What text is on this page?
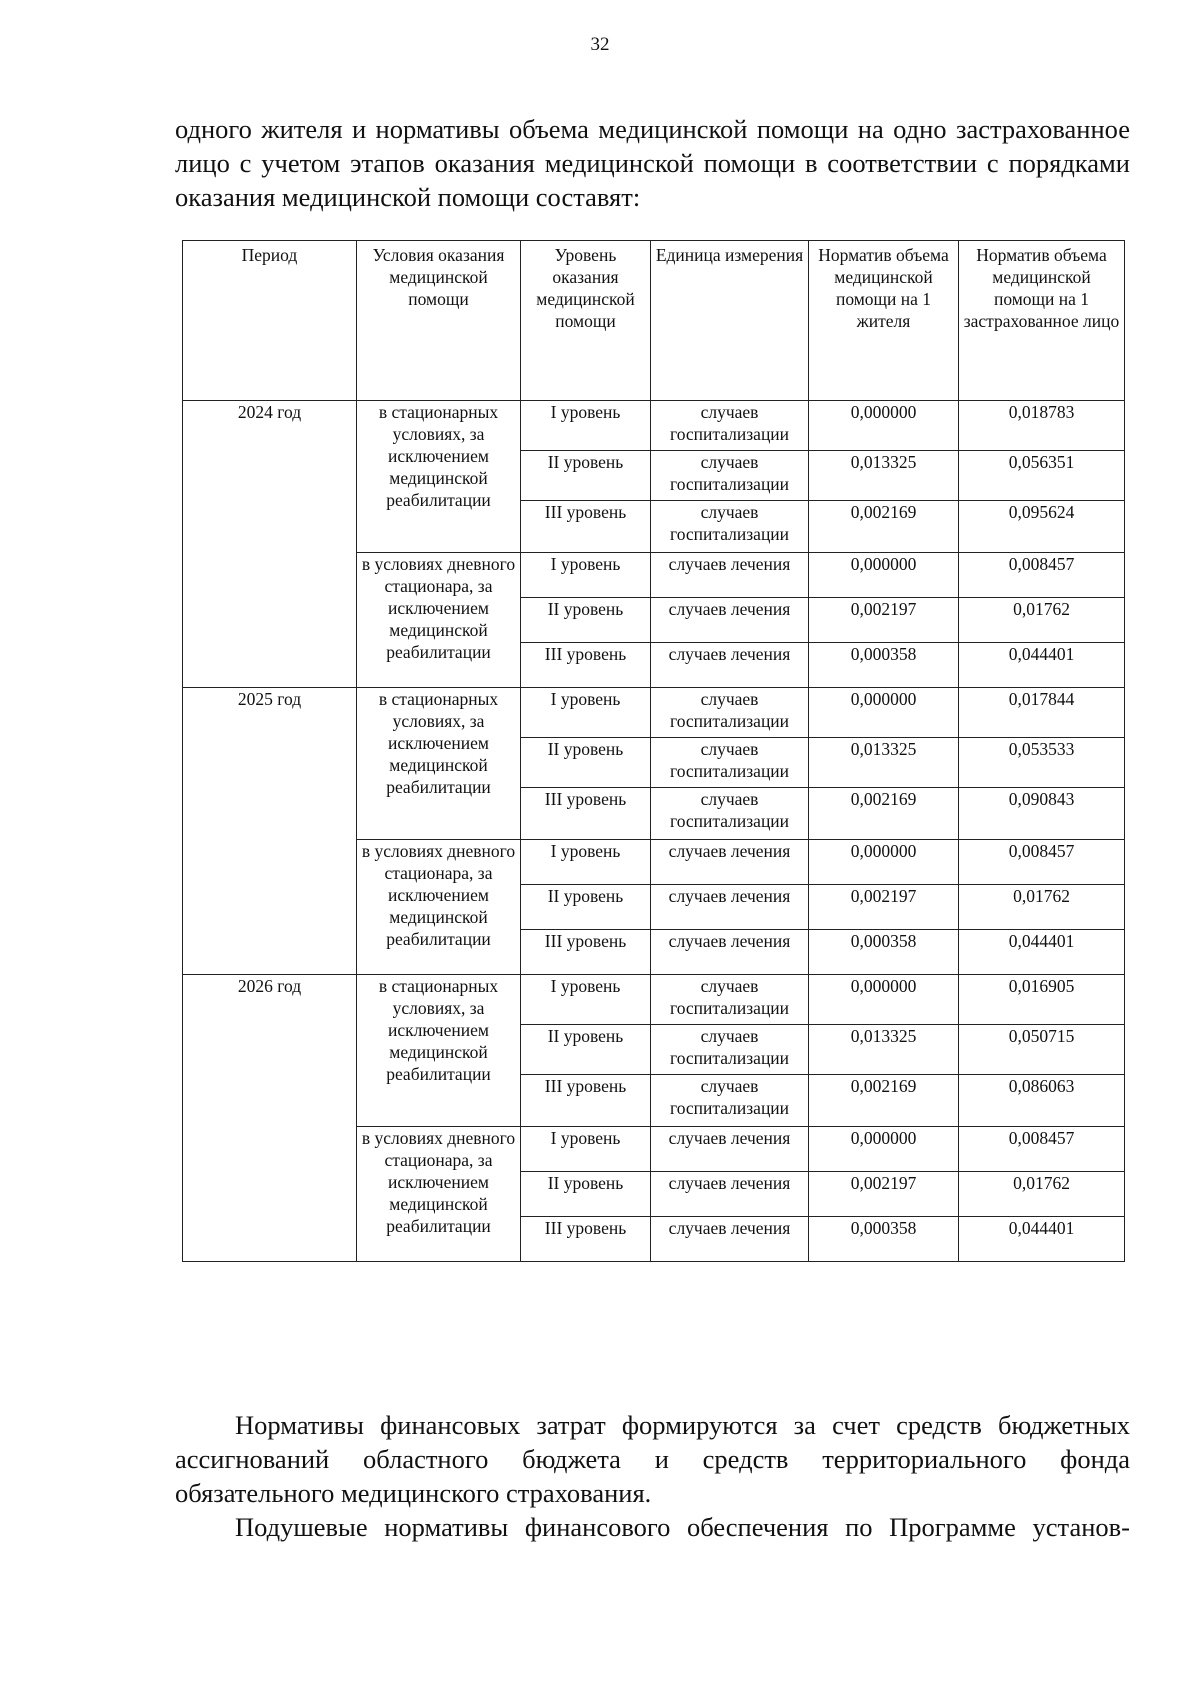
32
одного жителя и нормативы объема медицинской помощи на одно застрахованное лицо с учетом этапов оказания медицинской помощи в соответствии с порядками оказания медицинской помощи составят:
Период	Условия оказания медицинской помощи	Уровень оказания медицинской помощи	Единица измерения	Норматив объема медицинской помощи на 1 жителя	Норматив объема медицинской помощи на 1 застрахованное лицо
2024 год	в стационарных условиях, за исключением медицинской реабилитации	I уровень	случаев госпитализации	0,000000	0,018783
		II уровень	случаев госпитализации	0,013325	0,056351
		III уровень	случаев госпитализации	0,002169	0,095624
	в условиях дневного стационара, за исключением медицинской реабилитации	I уровень	случаев лечения	0,000000	0,008457
		II уровень	случаев лечения	0,002197	0,01762
		III уровень	случаев лечения	0,000358	0,044401
2025 год	в стационарных условиях, за исключением медицинской реабилитации	I уровень	случаев госпитализации	0,000000	0,017844
		II уровень	случаев госпитализации	0,013325	0,053533
		III уровень	случаев госпитализации	0,002169	0,090843
	в условиях дневного стационара, за исключением медицинской реабилитации	I уровень	случаев лечения	0,000000	0,008457
		II уровень	случаев лечения	0,002197	0,01762
		III уровень	случаев лечения	0,000358	0,044401
2026 год	в стационарных условиях, за исключением медицинской реабилитации	I уровень	случаев госпитализации	0,000000	0,016905
		II уровень	случаев госпитализации	0,013325	0,050715
		III уровень	случаев госпитализации	0,002169	0,086063
	в условиях дневного стационара, за исключением медицинской реабилитации	I уровень	случаев лечения	0,000000	0,008457
		II уровень	случаев лечения	0,002197	0,01762
		III уровень	случаев лечения	0,000358	0,044401
Нормативы финансовых затрат формируются за счет средств бюджетных ассигнований областного бюджета и средств территориального фонда обязательного медицинского страхования.
Подушевые нормативы финансового обеспечения по Программе установ-
